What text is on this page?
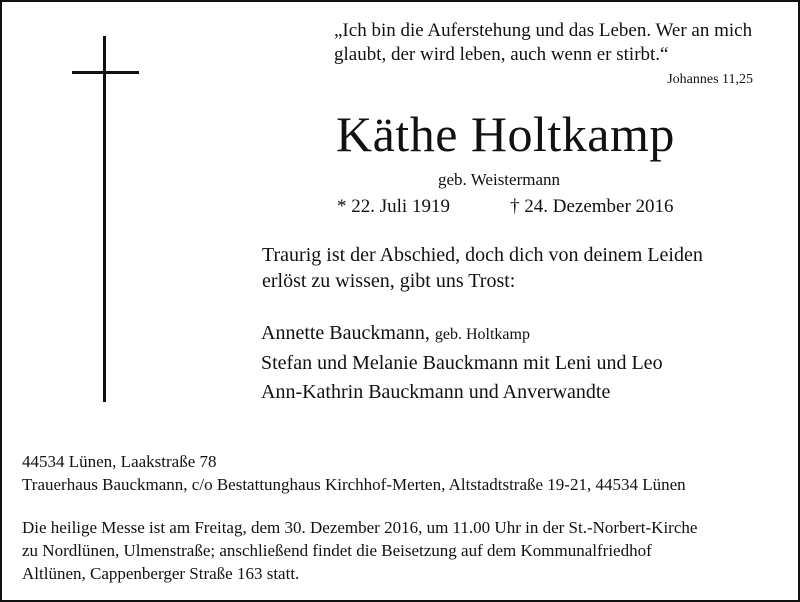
„Ich bin die Auferstehung und das Leben. Wer an mich
glaubt, der wird leben, auch wenn er stirbt.“
Johannes 11,25
Käthe Holtkamp
geb. Weistermann
* 22. Juli 1919	† 24. Dezember 2016
Traurig ist der Abschied, doch dich von deinem Leiden
erlöst zu wissen, gibt uns Trost:
Annette Bauckmann, geb. Holtkamp
Stefan und Melanie Bauckmann mit Leni und Leo
Ann-Kathrin Bauckmann und Anverwandte
44534 Lünen, Laakstraße 78
Trauerhaus Bauckmann, c/o Bestattunghaus Kirchhof-Merten, Altstadtstraße 19-21, 44534 Lünen
Die heilige Messe ist am Freitag, dem 30. Dezember 2016, um 11.00 Uhr in der St.-Norbert-Kirche
zu Nordlünen, Ulmenstraße; anschließend findet die Beisetzung auf dem Kommunalfriedhof
Altlünen, Cappenberger Straße 163 statt.
